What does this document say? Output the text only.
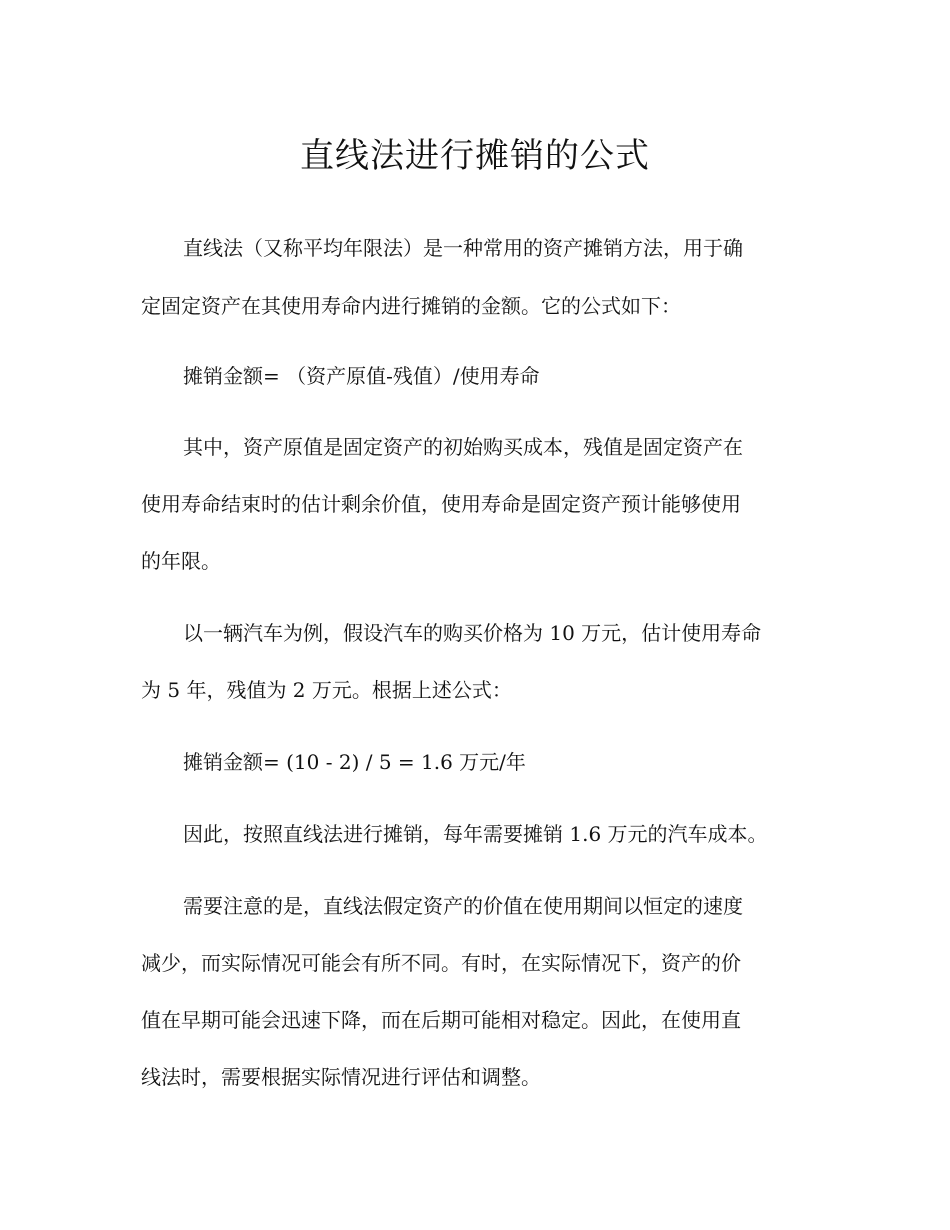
直线法进行摊销的公式
直线法（又称平均年限法）是一种常用的资产摊销方法，用于确
定固定资产在其使用寿命内进行摊销的金额。它的公式如下：
摊销金额= （资产原值-残值）/使用寿命
其中，资产原值是固定资产的初始购买成本，残值是固定资产在
使用寿命结束时的估计剩余价值，使用寿命是固定资产预计能够使用
的年限。
以一辆汽车为例，假设汽车的购买价格为 10 万元，估计使用寿命
为 5 年，残值为 2 万元。根据上述公式：
摊销金额= (10 - 2) / 5 = 1.6 万元/年
因此，按照直线法进行摊销，每年需要摊销 1.6 万元的汽车成本。
需要注意的是，直线法假定资产的价值在使用期间以恒定的速度
减少，而实际情况可能会有所不同。有时，在实际情况下，资产的价
值在早期可能会迅速下降，而在后期可能相对稳定。因此，在使用直
线法时，需要根据实际情况进行评估和调整。
